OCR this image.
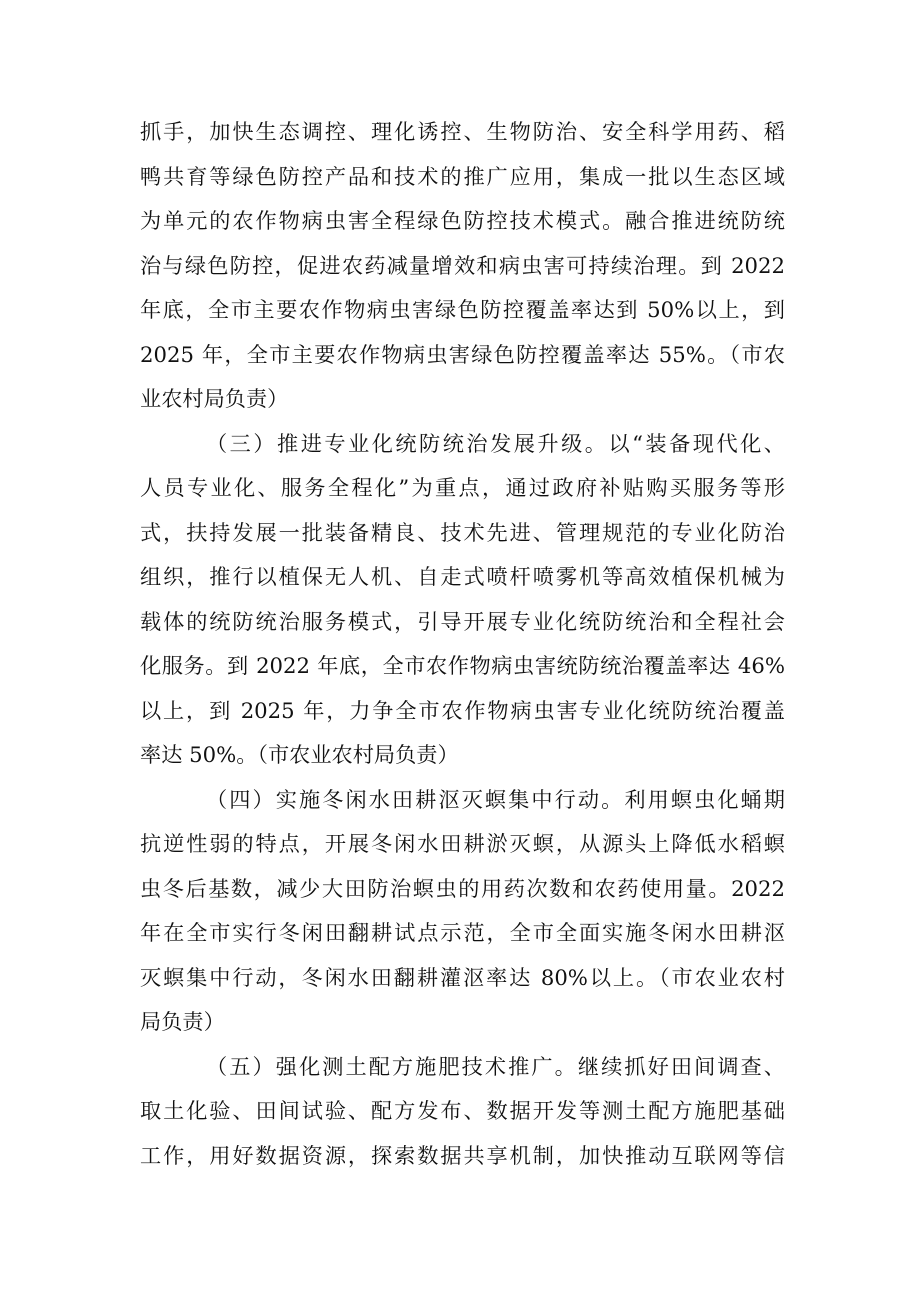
抓手，加快生态调控、理化诱控、生物防治、安全科学用药、稻
鸭共育等绿色防控产品和技术的推广应用，集成一批以生态区域
为单元的农作物病虫害全程绿色防控技术模式。融合推进统防统
治与绿色防控，促进农药减量增效和病虫害可持续治理。到 2022
年底，全市主要农作物病虫害绿色防控覆盖率达到 50%以上，到
2025 年，全市主要农作物病虫害绿色防控覆盖率达 55%。（市农
业农村局负责）
（三）推进专业化统防统治发展升级。以“装备现代化、
人员专业化、服务全程化”为重点，通过政府补贴购买服务等形
式，扶持发展一批装备精良、技术先进、管理规范的专业化防治
组织，推行以植保无人机、自走式喷杆喷雾机等高效植保机械为
载体的统防统治服务模式，引导开展专业化统防统治和全程社会
化服务。到 2022 年底，全市农作物病虫害统防统治覆盖率达 46%
以上，到 2025 年，力争全市农作物病虫害专业化统防统治覆盖
率达 50%。（市农业农村局负责）
（四）实施冬闲水田耕沤灭螟集中行动。利用螟虫化蛹期
抗逆性弱的特点，开展冬闲水田耕淤灭螟，从源头上降低水稻螟
虫冬后基数，减少大田防治螟虫的用药次数和农药使用量。2022
年在全市实行冬闲田翻耕试点示范，全市全面实施冬闲水田耕沤
灭螟集中行动，冬闲水田翻耕灌沤率达 80%以上。（市农业农村
局负责）
（五）强化测土配方施肥技术推广。继续抓好田间调查、
取土化验、田间试验、配方发布、数据开发等测土配方施肥基础
工作，用好数据资源，探索数据共享机制，加快推动互联网等信
